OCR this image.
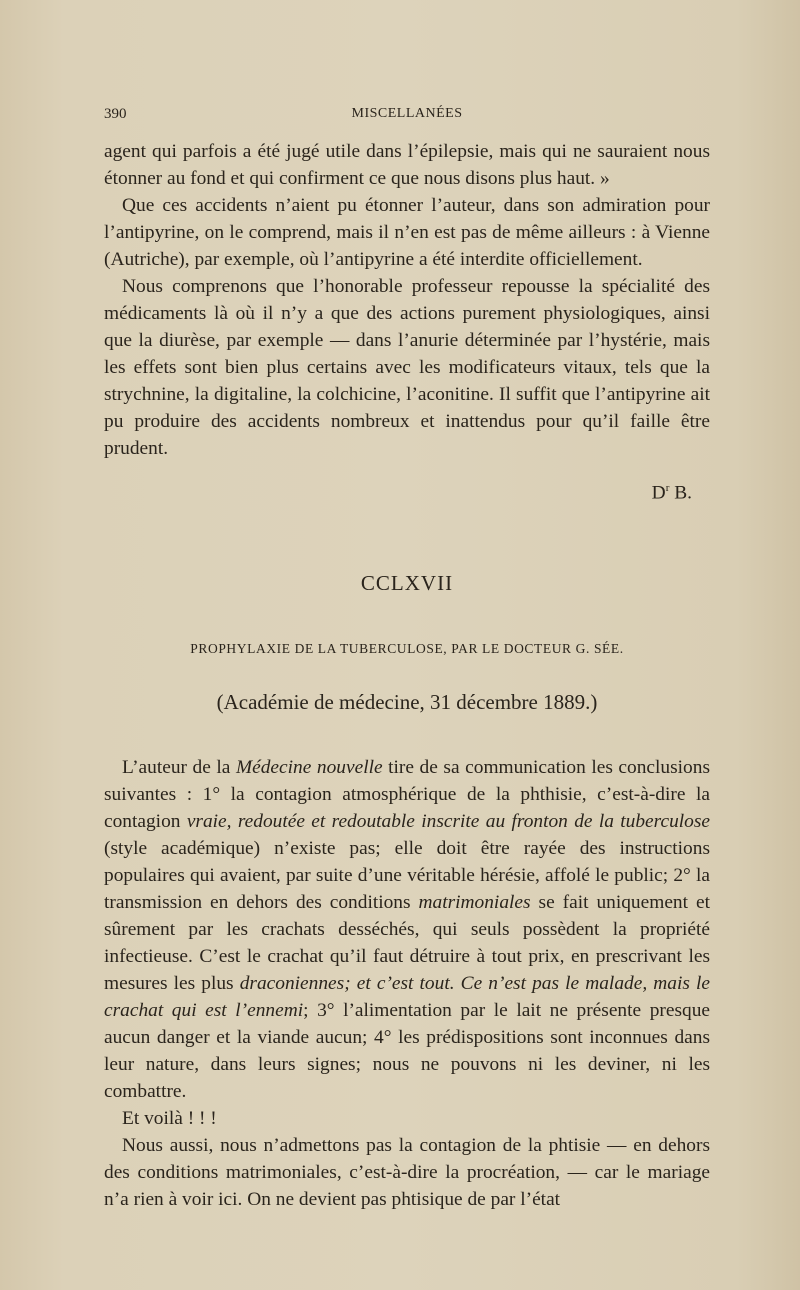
390	MISCELLANÉES

agent qui parfois a été jugé utile dans l’épilepsie, mais qui ne sauraient nous étonner au fond et qui confirment ce que nous disons plus haut. »

Que ces accidents n’aient pu étonner l’auteur, dans son admiration pour l’antipyrine, on le comprend, mais il n’en est pas de même ailleurs : à Vienne (Autriche), par exemple, où l’antipyrine a été interdite officiellement.

Nous comprenons que l’honorable professeur repousse la spécialité des médicaments là où il n’y a que des actions purement physiologiques, ainsi que la diurèse, par exemple — dans l’anurie déterminée par l’hystérie, mais les effets sont bien plus certains avec les modificateurs vitaux, tels que la strychnine, la digitaline, la colchicine, l’aconitine. Il suffit que l’antipyrine ait pu produire des accidents nombreux et inattendus pour qu’il faille être prudent.

$D^r$ B.
CCLXVII
PROPHYLAXIE DE LA TUBERCULOSE, PAR LE DOCTEUR G. SÉE.
(Académie de médecine, 31 décembre 1889.)

L’auteur de la Médecine nouvelle tire de sa communication les conclusions suivantes : 1° la contagion atmosphérique de la phthisie, c’est-à-dire la contagion vraie, redoutée et redoutable inscrite au fronton de la tuberculose (style académique) n’existe pas; elle doit être rayée des instructions populaires qui avaient, par suite d’une véritable hérésie, affolé le public; 2° la transmission en dehors des conditions matrimoniales se fait uniquement et sûrement par les crachats desséchés, qui seuls possèdent la propriété infectieuse. C’est le crachat qu’il faut détruire à tout prix, en prescrivant les mesures les plus draconiennes; et c’est tout. Ce n’est pas le malade, mais le crachat qui est l’ennemi; 3° l’alimentation par le lait ne présente presque aucun danger et la viande aucun; 4° les prédispositions sont inconnues dans leur nature, dans leurs signes; nous ne pouvons ni les deviner, ni les combattre.

Et voilà ! ! !

Nous aussi, nous n’admettons pas la contagion de la phtisie — en dehors des conditions matrimoniales, c’est-à-dire la procréation, — car le mariage n’a rien à voir ici. On ne devient pas phtisique de par l’état
